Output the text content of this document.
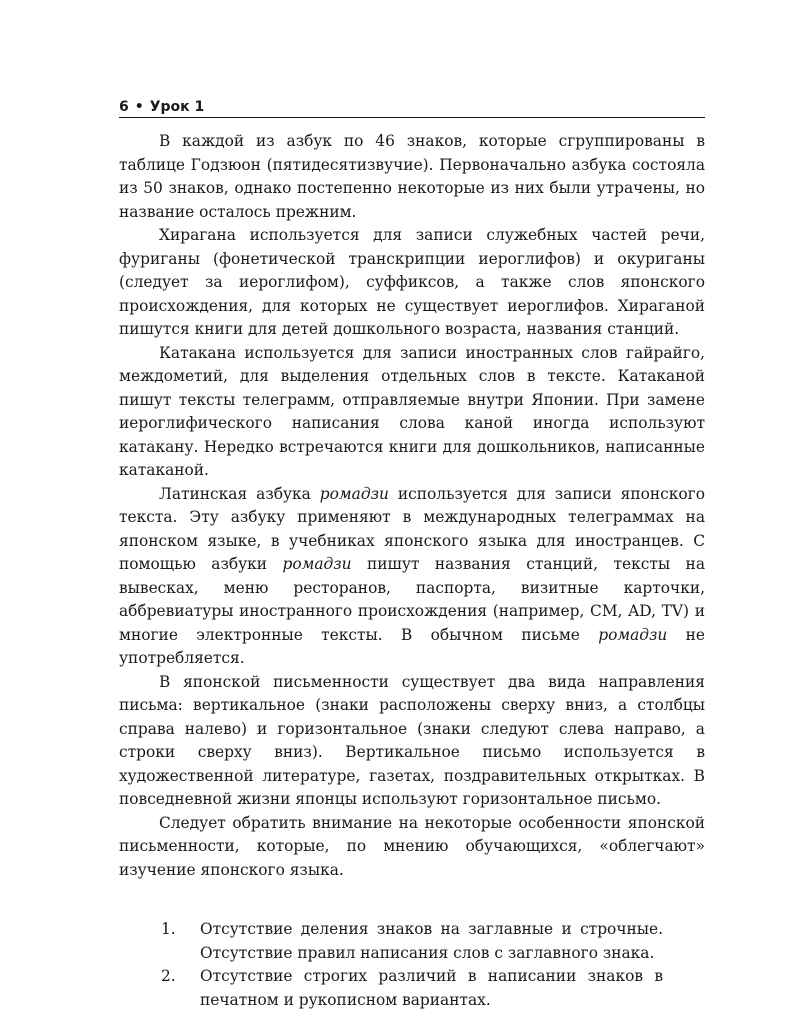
6 • Урок 1

В каждой из азбук по 46 знаков, которые сгруппированы в таблице Годзюон (пятидесятизвучие). Первоначально азбука состояла из 50 знаков, однако постепенно некоторые из них были утрачены, но название осталось прежним.

Хирагана используется для записи служебных частей речи, фуриганы (фонетической транскрипции иероглифов) и окуриганы (следует за иероглифом), суффиксов, а также слов японского происхождения, для которых не существует иероглифов. Хираганой пишутся книги для детей дошкольного возраста, названия станций.

Катакана используется для записи иностранных слов гайрайго, междометий, для выделения отдельных слов в тексте. Катаканой пишут тексты телеграмм, отправляемые внутри Японии. При замене иероглифического написания слова каной иногда используют катакану. Нередко встречаются книги для дошкольников, написанные катаканой.

Латинская азбука ромадзи используется для записи японского текста. Эту азбуку применяют в международных телеграммах на японском языке, в учебниках японского языка для иностранцев. С помощью азбуки ромадзи пишут названия станций, тексты на вывесках, меню ресторанов, паспорта, визитные карточки, аббревиатуры иностранного происхождения (например, CM, AD, TV) и многие электронные тексты. В обычном письме ромадзи не употребляется.

В японской письменности существует два вида направления письма: вертикальное (знаки расположены сверху вниз, а столбцы справа налево) и горизонтальное (знаки следуют слева направо, а строки сверху вниз). Вертикальное письмо используется в художественной литературе, газетах, поздравительных открытках. В повседневной жизни японцы используют горизонтальное письмо.

Следует обратить внимание на некоторые особенности японской письменности, которые, по мнению обучающихся, «облегчают» изучение японского языка.

1.	Отсутствие деления знаков на заглавные и строчные. Отсутствие правил написания слов с заглавного знака.
2.	Отсутствие строгих различий в написании знаков в печатном и рукописном вариантах.
